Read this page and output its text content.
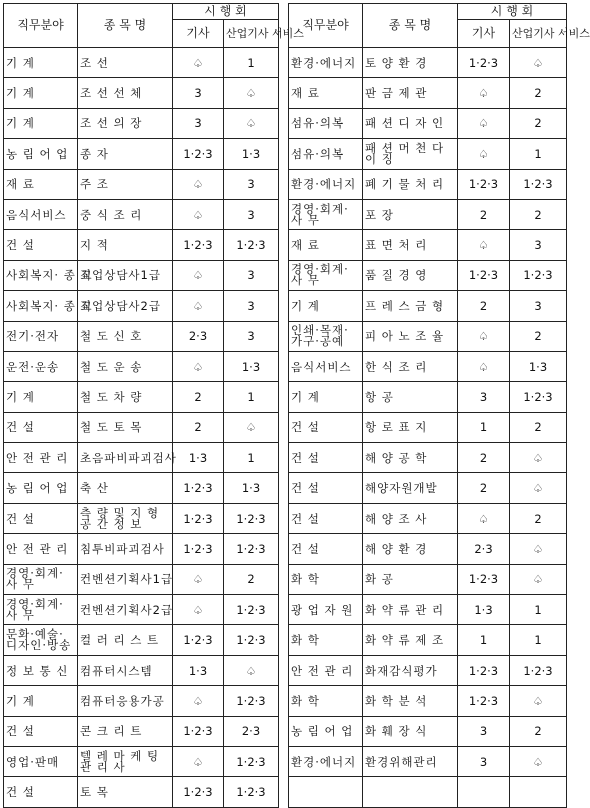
직무분야	종 목 명	시 행 회	
		기사	산업기사 서비스
기 계	조 선	♤	1
기 계	조 선 선 체	3	♤
기 계	조 선 의 장	3	♤
농 림 어 업	종 자	1·2·3	1·3
재 료	주 조	♤	3
음식서비스	중 식 조 리	♤	3
건 설	지 적	1·2·3	1·2·3
사회복지· 종 교	직업상담사1급	♤	3
사회복지· 종 교	직업상담사2급	♤	3
전기·전자	철 도 신 호	2·3	3
운전·운송	철 도 운 송	♤	1·3
기 계	철 도 차 량	2	1
건 설	철 도 토 목	2	♤
안 전 관 리	초음파비파괴검사	1·3	1
농 림 어 업	축 산	1·2·3	1·3
건 설	측 량 및 지 형 공 간 정 보	1·2·3	1·2·3
안 전 관 리	침투비파괴검사	1·2·3	1·2·3
경영·회계· 사 무	컨벤션기획사1급	♤	2
경영·회계· 사 무	컨벤션기획사2급	♤	1·2·3
문화·예술· 디자인·방송	컬 러 리 스 트	1·2·3	1·2·3
정 보 통 신	컴퓨터시스템	1·3	♤
기 계	컴퓨터응용가공	♤	1·2·3
건 설	콘 크 리 트	1·2·3	2·3
영업·판매	텔 레 마 케 팅 관 리 사	♤	1·2·3
건 설	토 목	1·2·3	1·2·3
직무분야	종 목 명	시 행 회	
		기사	산업기사 서비스
환경·에너지	토 양 환 경	1·2·3	♤
재 료	판 금 제 관	♤	2
섬유·의복	패 션 디 자 인	♤	2
섬유·의복	패 션 머 천 다 이 징	♤	1
환경·에너지	폐 기 물 처 리	1·2·3	1·2·3
경영·회계· 사 무	포 장	2	2
재 료	표 면 처 리	♤	3
경영·회계· 사 무	품 질 경 영	1·2·3	1·2·3
기 계	프 레 스 금 형	2	3
인쇄·목재· 가구·공예	피 아 노 조 율	♤	2
음식서비스	한 식 조 리	♤	1·3
기 계	항 공	3	1·2·3
건 설	항 로 표 지	1	2
건 설	해 양 공 학	2	♤
건 설	해양자원개발	2	♤
건 설	해 양 조 사	♤	2
건 설	해 양 환 경	2·3	♤
화 학	화 공	1·2·3	♤
광 업 자 원	화 약 류 관 리	1·3	1
화 학	화 약 류 제 조	1	1
안 전 관 리	화재감식평가	1·2·3	1·2·3
화 학	화 학 분 석	1·2·3	♤
농 림 어 업	화 훼 장 식	3	2
환경·에너지	환경위해관리	3	♤
